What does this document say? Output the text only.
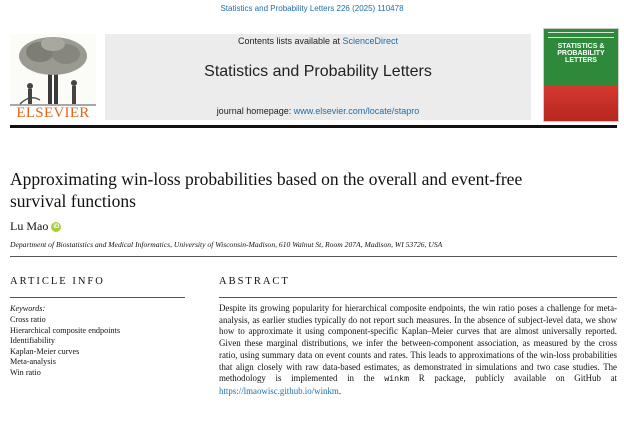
Statistics and Probability Letters 226 (2025) 110478
ELSEVIER
Contents lists available at ScienceDirect
Statistics and Probability Letters
journal homepage: www.elsevier.com/locate/stapro
STATISTICS &
PROBABILITY
LETTERS
Approximating win-loss probabilities based on the overall and event-free survival functions
Lu Mao iD
Department of Biostatistics and Medical Informatics, University of Wisconsin-Madison, 610 Walnut St, Room 207A, Madison, WI 53726, USA
ARTICLE INFO	ABSTRACT
Keywords:
Cross ratio
Hierarchical composite endpoints
Identifiability
Kaplan-Meier curves
Meta-analysis
Win ratio
Despite its growing popularity for hierarchical composite endpoints, the win ratio poses a challenge for meta-analysis, as earlier studies typically do not report such measures. In the absence of subject-level data, we show how to approximate it using component-specific Kaplan–Meier curves that are almost universally reported. Given these marginal distributions, we infer the between-component association, as measured by the cross ratio, using summary data on event counts and rates. This leads to approximations of the win-loss probabilities that align closely with raw data-based estimates, as demonstrated in simulations and two case studies. The methodology is implemented in the winkm R package, publicly available on GitHub at https://lmaowisc.github.io/winkm.
